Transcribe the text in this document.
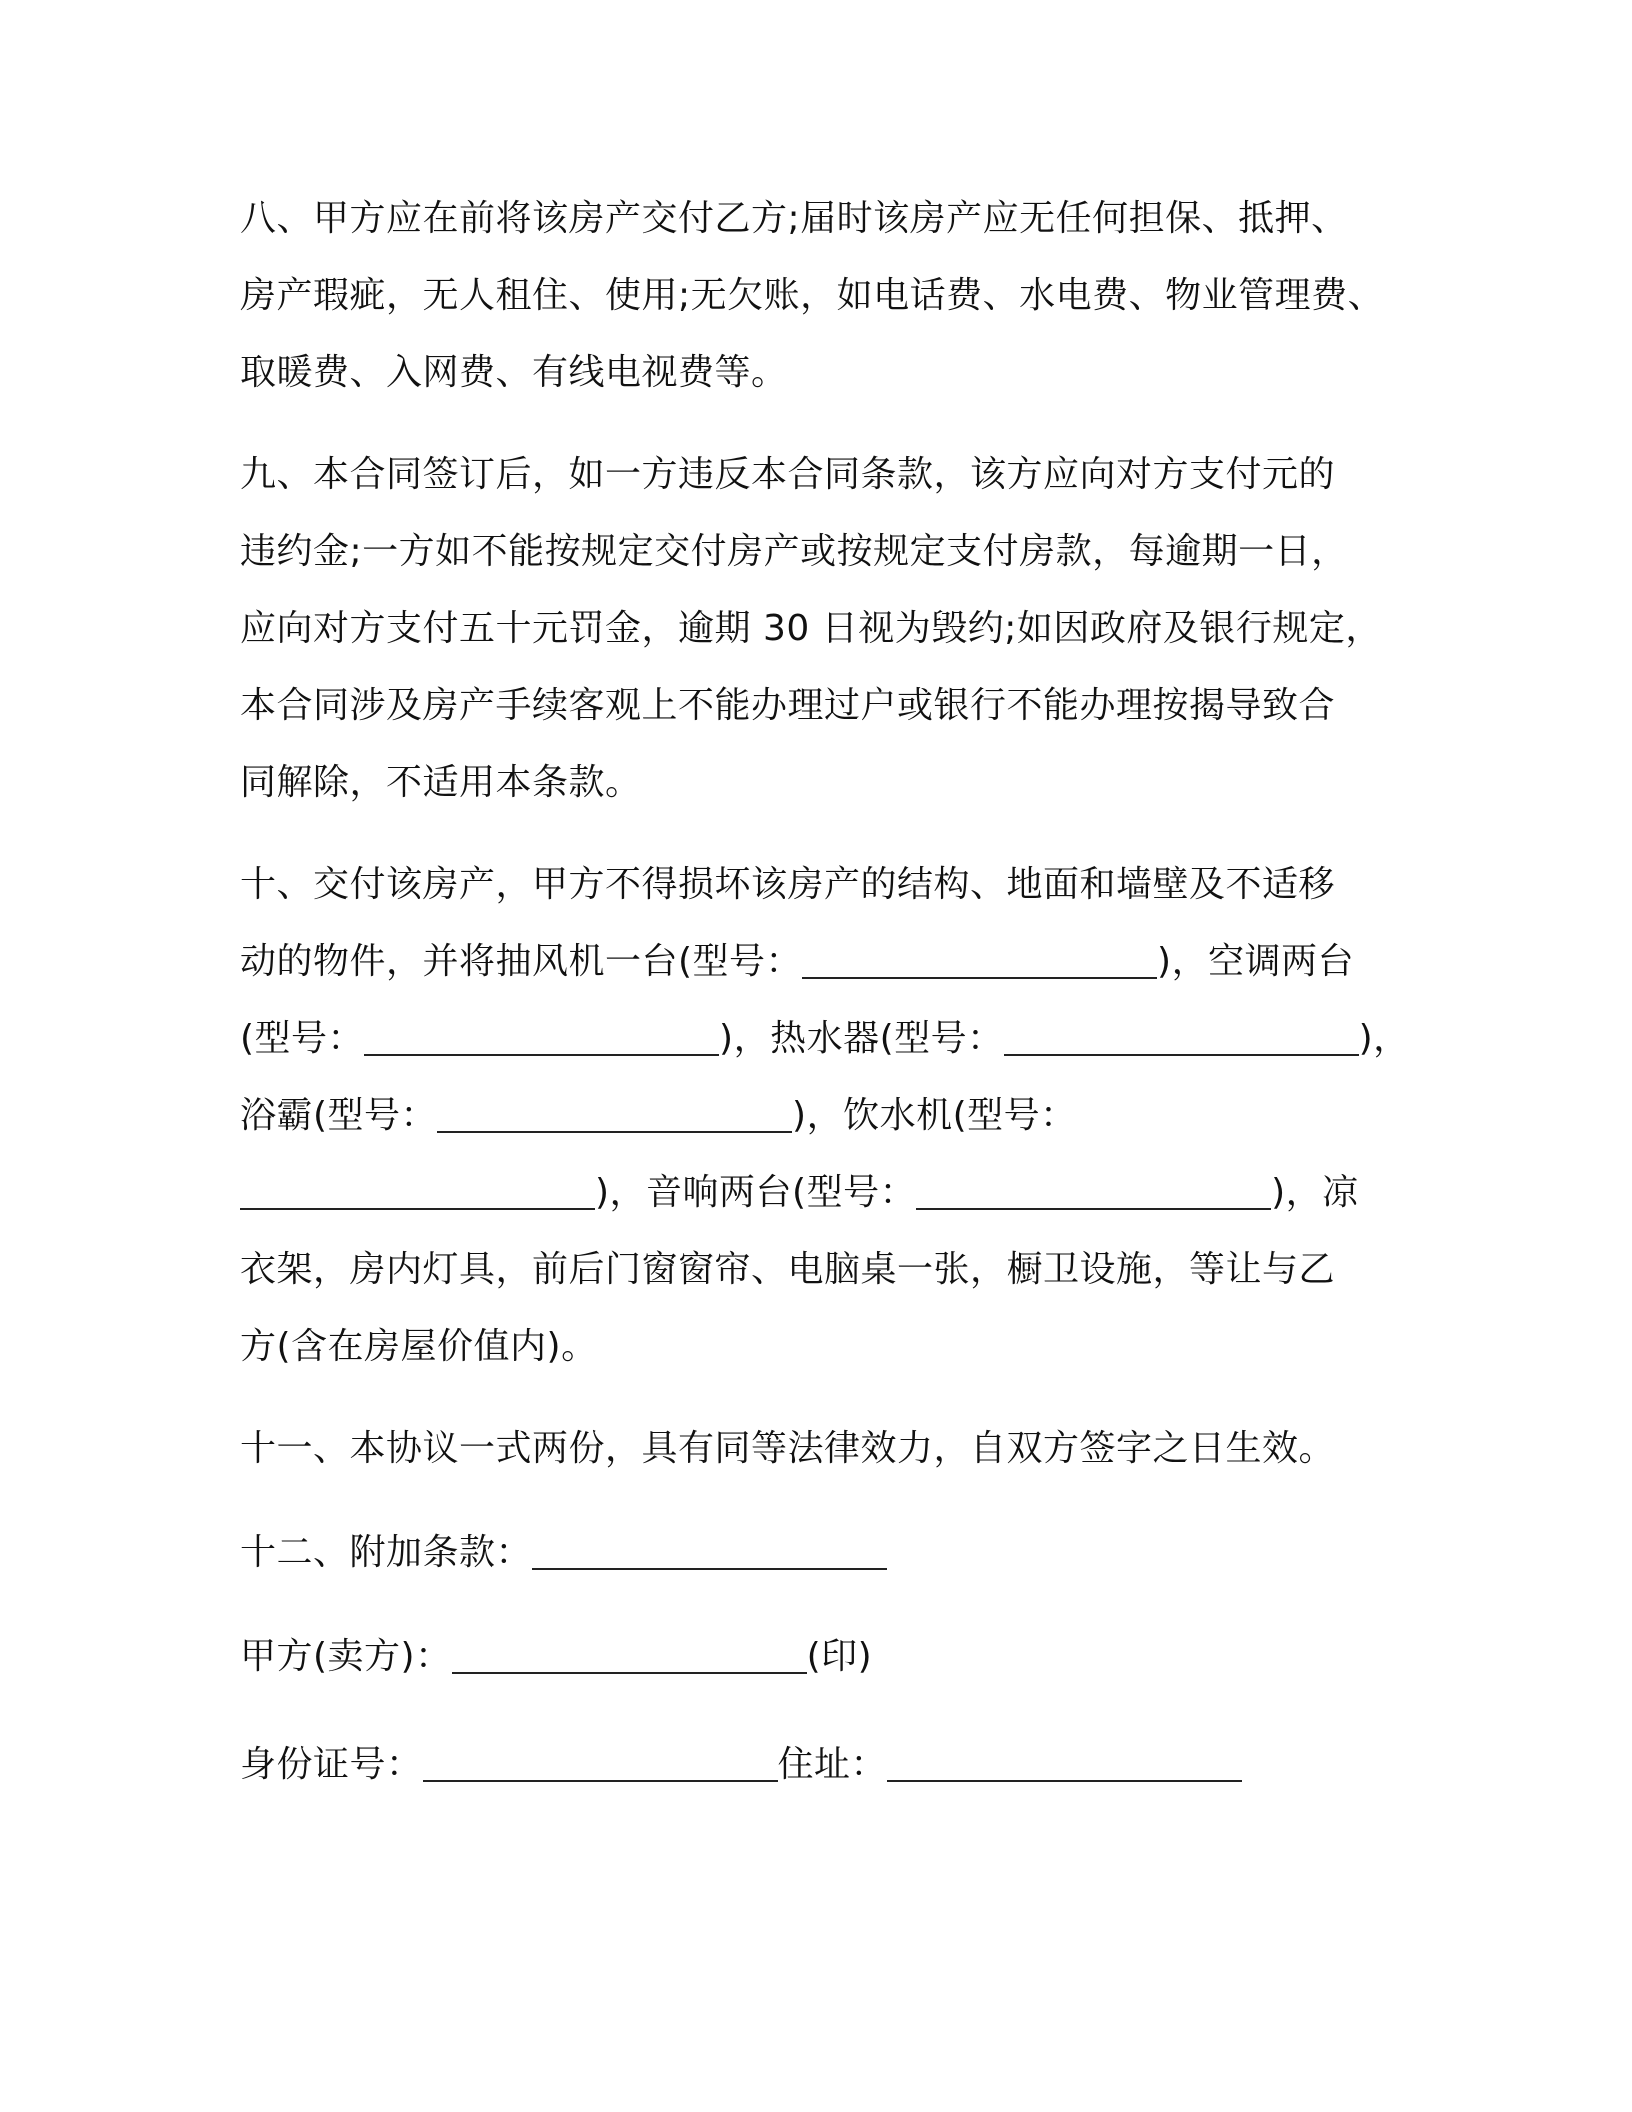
八、甲方应在前将该房产交付乙方;届时该房产应无任何担保、抵押、
房产瑕疵，无人租住、使用;无欠账，如电话费、水电费、物业管理费、
取暖费、入网费、有线电视费等。
九、本合同签订后，如一方违反本合同条款，该方应向对方支付元的
违约金;一方如不能按规定交付房产或按规定支付房款，每逾期一日，
应向对方支付五十元罚金，逾期 30 日视为毁约;如因政府及银行规定，
本合同涉及房产手续客观上不能办理过户或银行不能办理按揭导致合
同解除，不适用本条款。
十、交付该房产，甲方不得损坏该房产的结构、地面和墙壁及不适移
动的物件，并将抽风机一台(型号：	)，空调两台
(型号：	)，热水器(型号：	)，
浴霸(型号：	)，饮水机(型号：
)，音响两台(型号：	)，凉
衣架，房内灯具，前后门窗窗帘、电脑桌一张，橱卫设施，等让与乙
方(含在房屋价值内)。
十一、本协议一式两份，具有同等法律效力，自双方签字之日生效。
十二、附加条款：
甲方(卖方)：	(印)
身份证号：	住址：
